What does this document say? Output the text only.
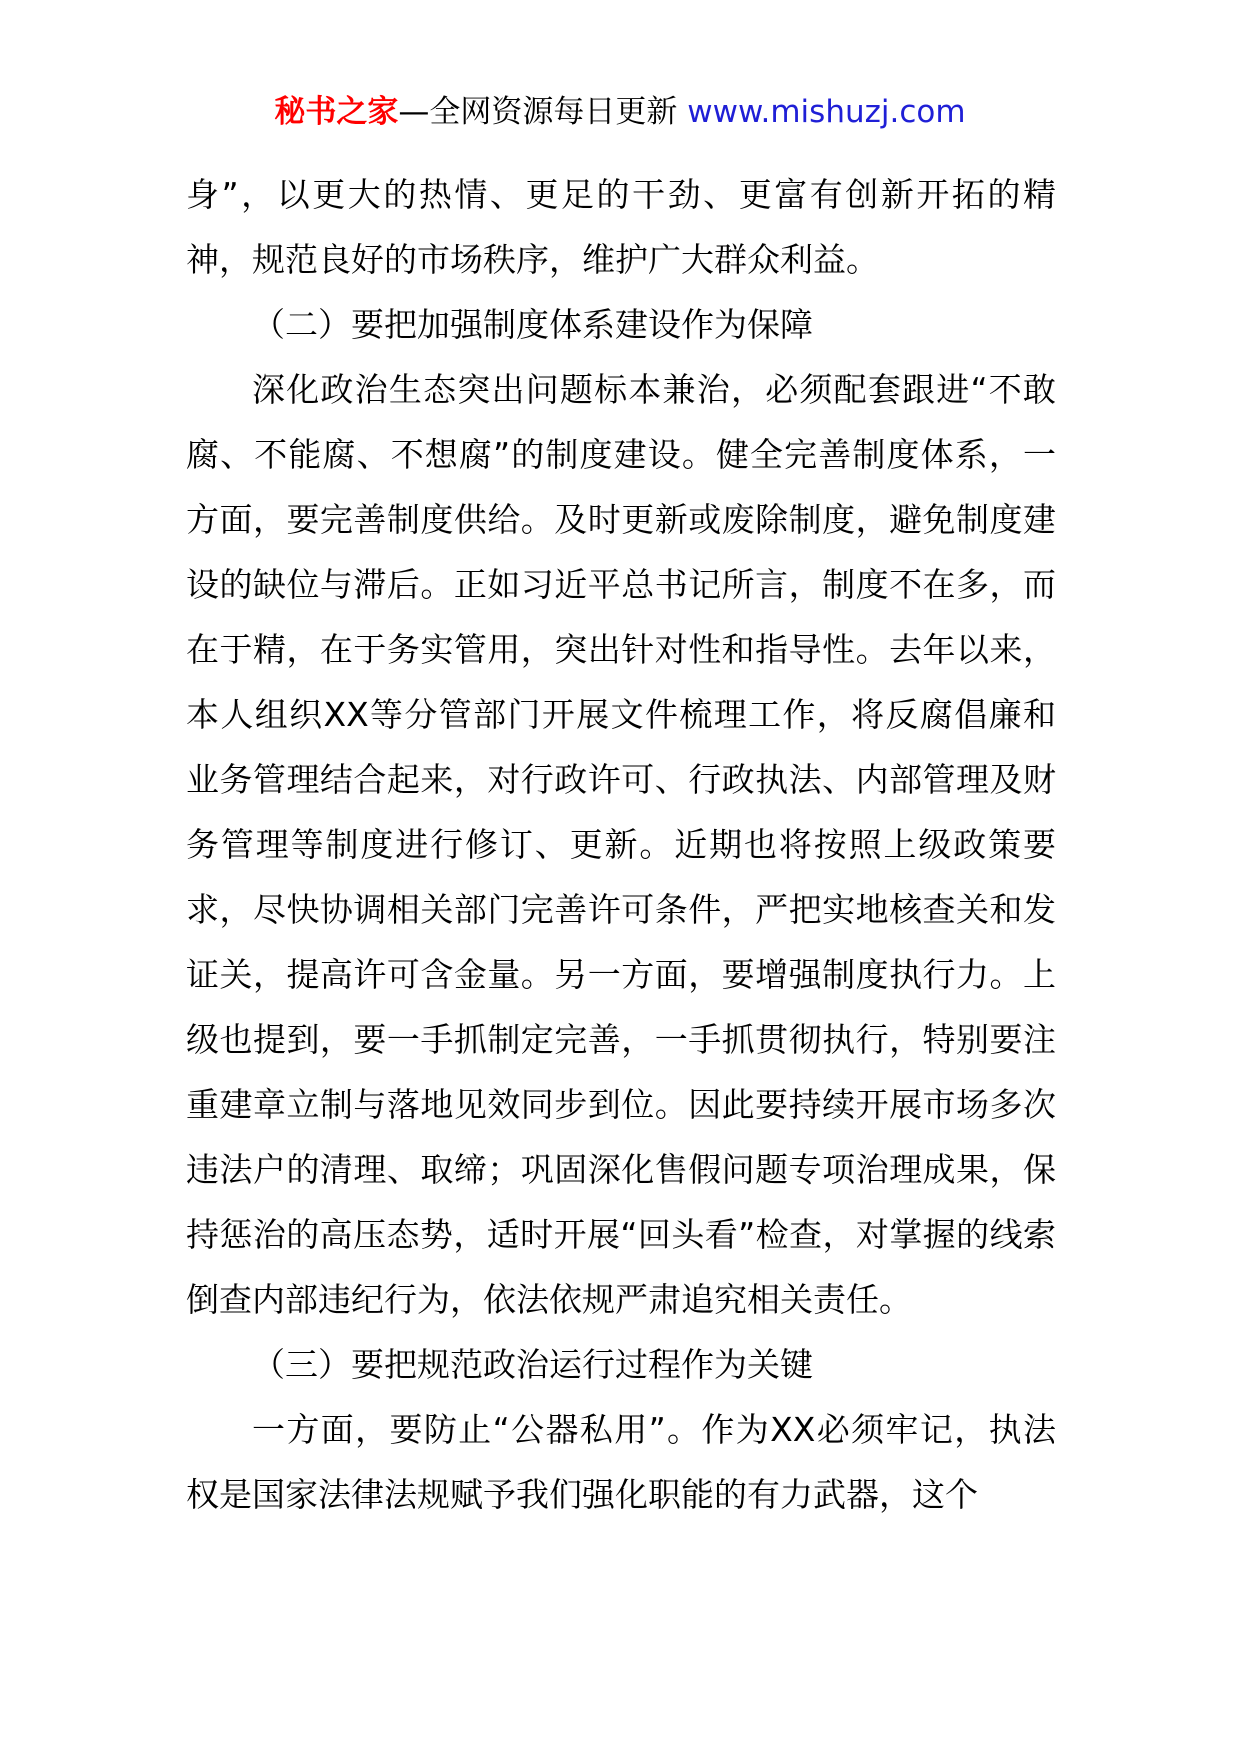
秘书之家—全网资源每日更新 www.mishuzj.com

身”，以更大的热情、更足的干劲、更富有创新开拓的精神，规范良好的市场秩序，维护广大群众利益。

（二）要把加强制度体系建设作为保障

深化政治生态突出问题标本兼治，必须配套跟进“不敢腐、不能腐、不想腐”的制度建设。健全完善制度体系，一方面，要完善制度供给。及时更新或废除制度，避免制度建设的缺位与滞后。正如习近平总书记所言，制度不在多，而在于精，在于务实管用，突出针对性和指导性。去年以来，本人组织XX等分管部门开展文件梳理工作，将反腐倡廉和业务管理结合起来，对行政许可、行政执法、内部管理及财务管理等制度进行修订、更新。近期也将按照上级政策要求，尽快协调相关部门完善许可条件，严把实地核查关和发证关，提高许可含金量。另一方面，要增强制度执行力。上级也提到，要一手抓制定完善，一手抓贯彻执行，特别要注重建章立制与落地见效同步到位。因此要持续开展市场多次违法户的清理、取缔；巩固深化售假问题专项治理成果，保持惩治的高压态势，适时开展“回头看”检查，对掌握的线索倒查内部违纪行为，依法依规严肃追究相关责任。

（三）要把规范政治运行过程作为关键

一方面，要防止“公器私用”。作为XX必须牢记，执法权是国家法律法规赋予我们强化职能的有力武器，这个
